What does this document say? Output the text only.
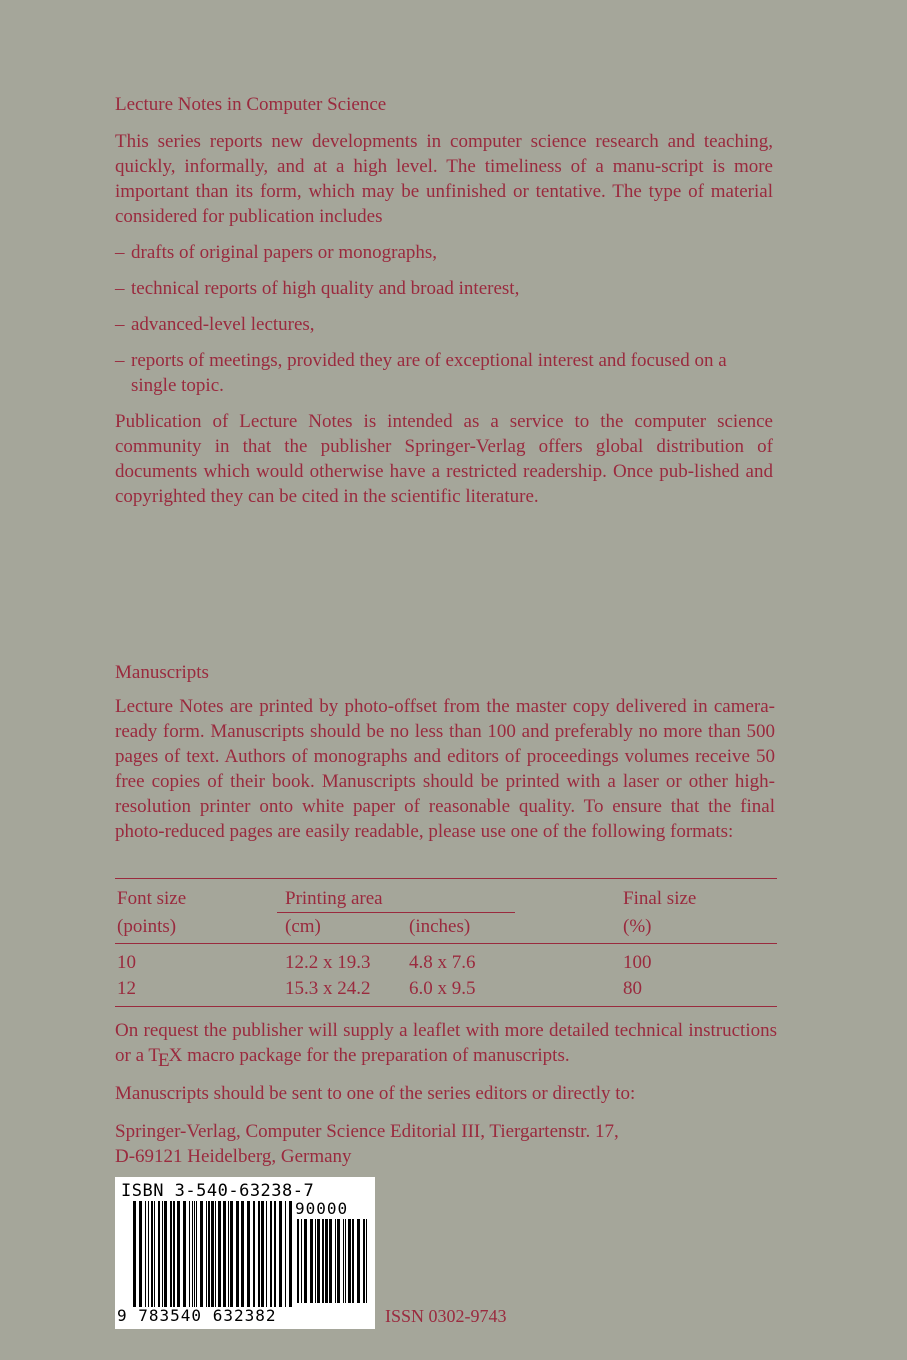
Lecture Notes in Computer Science

This series reports new developments in computer science research and teaching, quickly, informally, and at a high level. The timeliness of a manu-script is more important than its form, which may be unfinished or tentative. The type of material considered for publication includes

– drafts of original papers or monographs,
– technical reports of high quality and broad interest,
– advanced-level lectures,
– reports of meetings, provided they are of exceptional interest and focused on a single topic.

Publication of Lecture Notes is intended as a service to the computer science community in that the publisher Springer-Verlag offers global distribution of documents which would otherwise have a restricted readership. Once pub-lished and copyrighted they can be cited in the scientific literature.

Manuscripts

Lecture Notes are printed by photo-offset from the master copy delivered in camera-ready form. Manuscripts should be no less than 100 and preferably no more than 500 pages of text. Authors of monographs and editors of proceedings volumes receive 50 free copies of their book. Manuscripts should be printed with a laser or other high-resolution printer onto white paper of reasonable quality. To ensure that the final photo-reduced pages are easily readable, please use one of the following formats:

Font size	Printing area	Final size
(points)	(cm)	(inches)	(%)
10	12.2 x 19.3 4.8 x 7.6	100
12	15.3 x 24.2 6.0 x 9.5	80

On request the publisher will supply a leaflet with more detailed technical instructions or a TEX macro package for the preparation of manuscripts.

Manuscripts should be sent to one of the series editors or directly to:

Springer-Verlag, Computer Science Editorial III, Tiergartenstr. 17,

D-69121 Heidelberg, Germany

ISBN 3-540-63238-7
90000
9 783540 632382	ISSN 0302-9743
